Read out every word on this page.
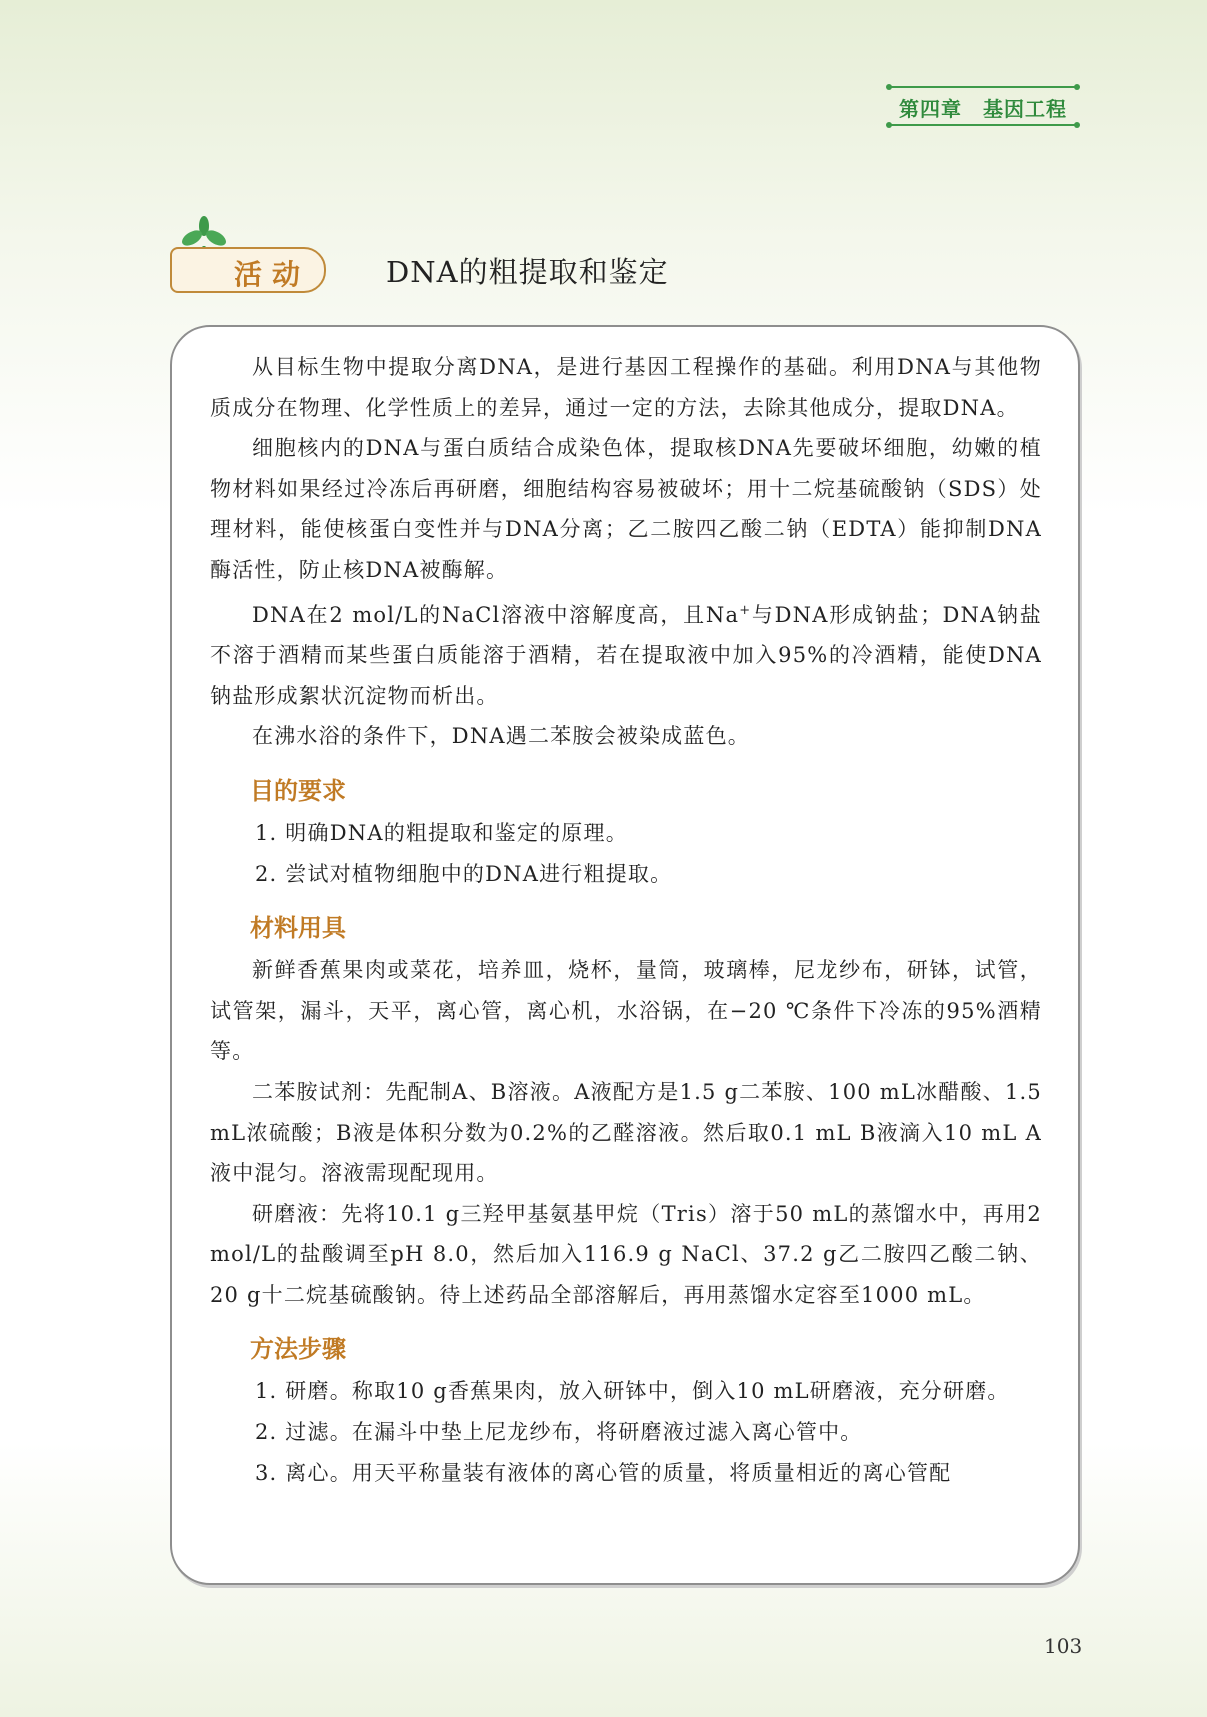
第四章　基因工程
活动	DNA的粗提取和鉴定

从目标生物中提取分离DNA，是进行基因工程操作的基础。利用DNA与其他物质成分在物理、化学性质上的差异，通过一定的方法，去除其他成分，提取DNA。

细胞核内的DNA与蛋白质结合成染色体，提取核DNA先要破坏细胞，幼嫩的植物材料如果经过冷冻后再研磨，细胞结构容易被破坏；用十二烷基硫酸钠（SDS）处理材料，能使核蛋白变性并与DNA分离；乙二胺四乙酸二钠（EDTA）能抑制DNA酶活性，防止核DNA被酶解。

DNA在2 mol/L的NaCl溶液中溶解度高，且Na+与DNA形成钠盐；DNA钠盐不溶于酒精而某些蛋白质能溶于酒精，若在提取液中加入95%的冷酒精，能使DNA钠盐形成絮状沉淀物而析出。

在沸水浴的条件下，DNA遇二苯胺会被染成蓝色。

目的要求

1. 明确DNA的粗提取和鉴定的原理。

2. 尝试对植物细胞中的DNA进行粗提取。

材料用具

新鲜香蕉果肉或菜花，培养皿，烧杯，量筒，玻璃棒，尼龙纱布，研钵，试管，试管架，漏斗，天平，离心管，离心机，水浴锅，在−20 ℃条件下冷冻的95%酒精等。

二苯胺试剂：先配制A、B溶液。A液配方是1.5 g二苯胺、100 mL冰醋酸、1.5 mL浓硫酸；B液是体积分数为0.2%的乙醛溶液。然后取0.1 mL B液滴入10 mL A液中混匀。溶液需现配现用。

研磨液：先将10.1 g三羟甲基氨基甲烷（Tris）溶于50 mL的蒸馏水中，再用2 mol/L的盐酸调至pH 8.0，然后加入116.9 g NaCl、37.2 g乙二胺四乙酸二钠、20 g十二烷基硫酸钠。待上述药品全部溶解后，再用蒸馏水定容至1000 mL。

方法步骤

1. 研磨。称取10 g香蕉果肉，放入研钵中，倒入10 mL研磨液，充分研磨。

2. 过滤。在漏斗中垫上尼龙纱布，将研磨液过滤入离心管中。

3. 离心。用天平称量装有液体的离心管的质量，将质量相近的离心管配

103
